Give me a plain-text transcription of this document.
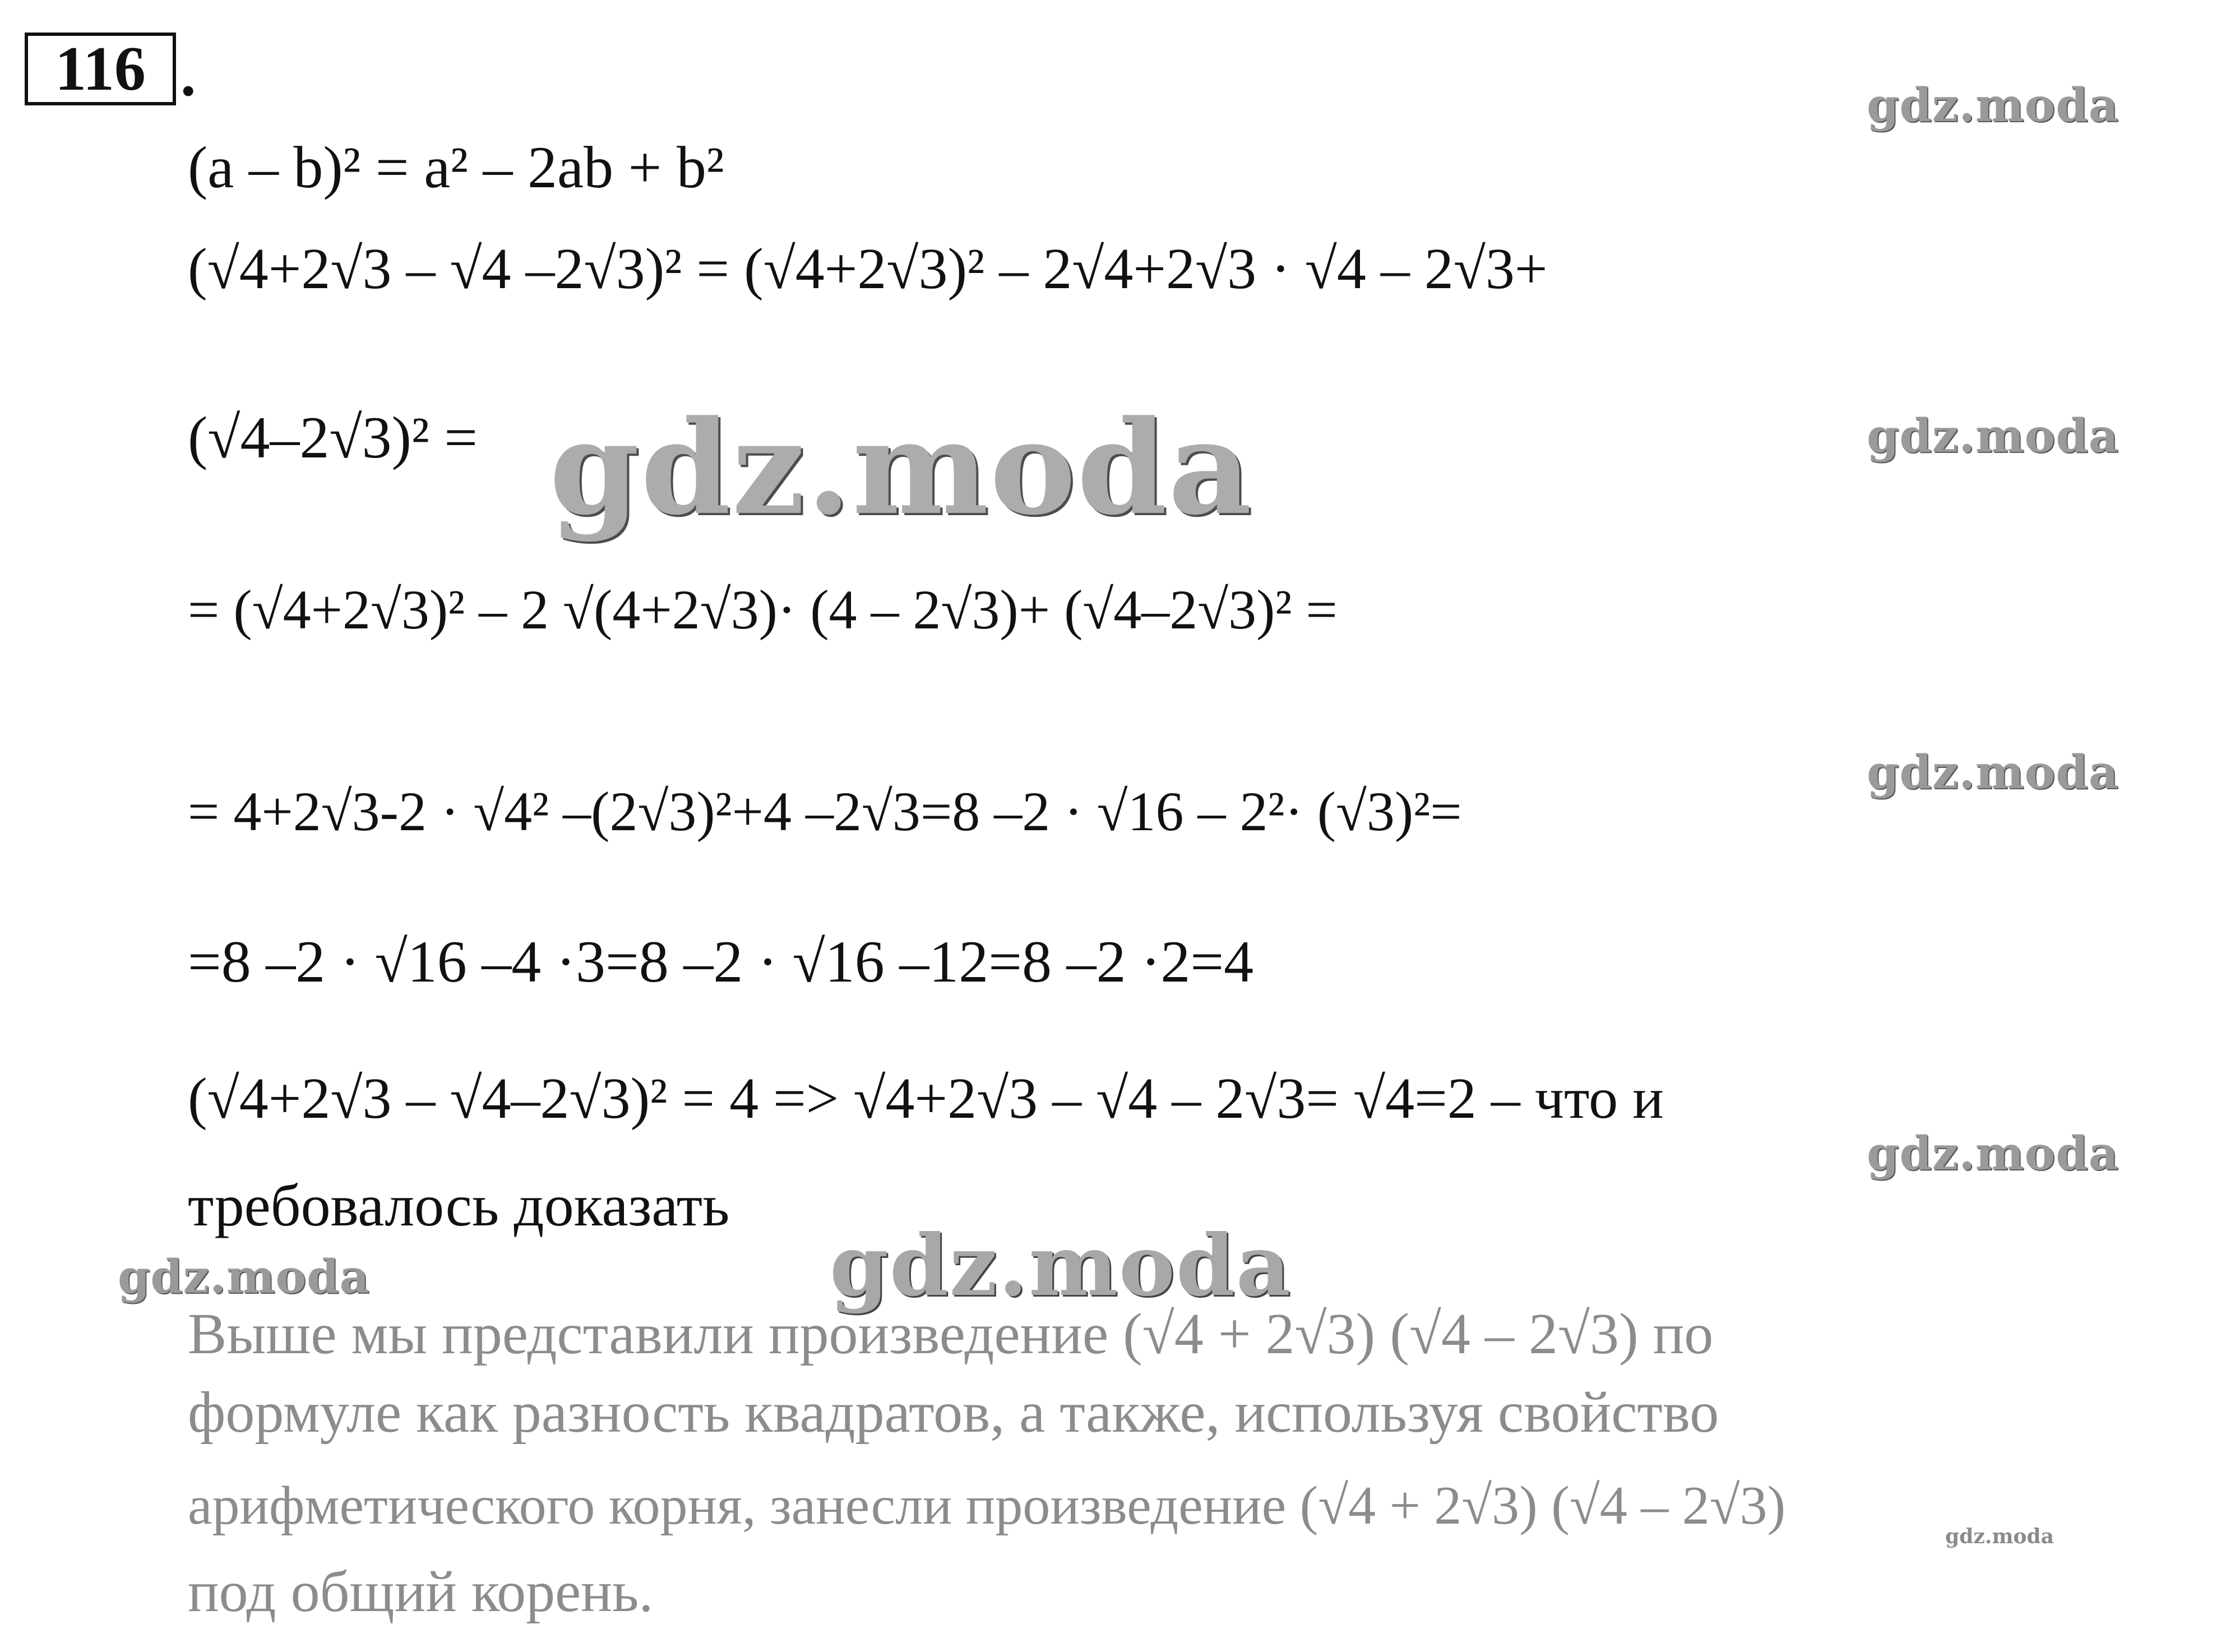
116 .
(a – b)² = a² – 2ab + b²
(√4+2√3 – √4 –2√3)² = (√4+2√3)² – 2√4+2√3 · √4 – 2√3+
(√4–2√3)² =
= (√4+2√3)² – 2 √(4+2√3)· (4 – 2√3)+ (√4–2√3)² =
= 4+2√3-2 · √4² –(2√3)²+4 –2√3=8 –2 · √16 – 2²· (√3)²=
=8 –2 · √16 –4 ·3=8 –2 · √16 –12=8 –2 ·2=4
(√4+2√3 – √4–2√3)² = 4 => √4+2√3 – √4 – 2√3= √4=2 – что и
требовалось доказать
Выше мы представили произведение (√4 + 2√3) (√4 – 2√3) по
формуле как разность квадратов, а также, используя свойство
арифметического корня, занесли произведение (√4 + 2√3) (√4 – 2√3)
под общий корень.
gdz.moda
gdz.moda
gdz.moda
gdz.moda
gdz.moda
gdz.moda
gdz.moda
gdz.moda
